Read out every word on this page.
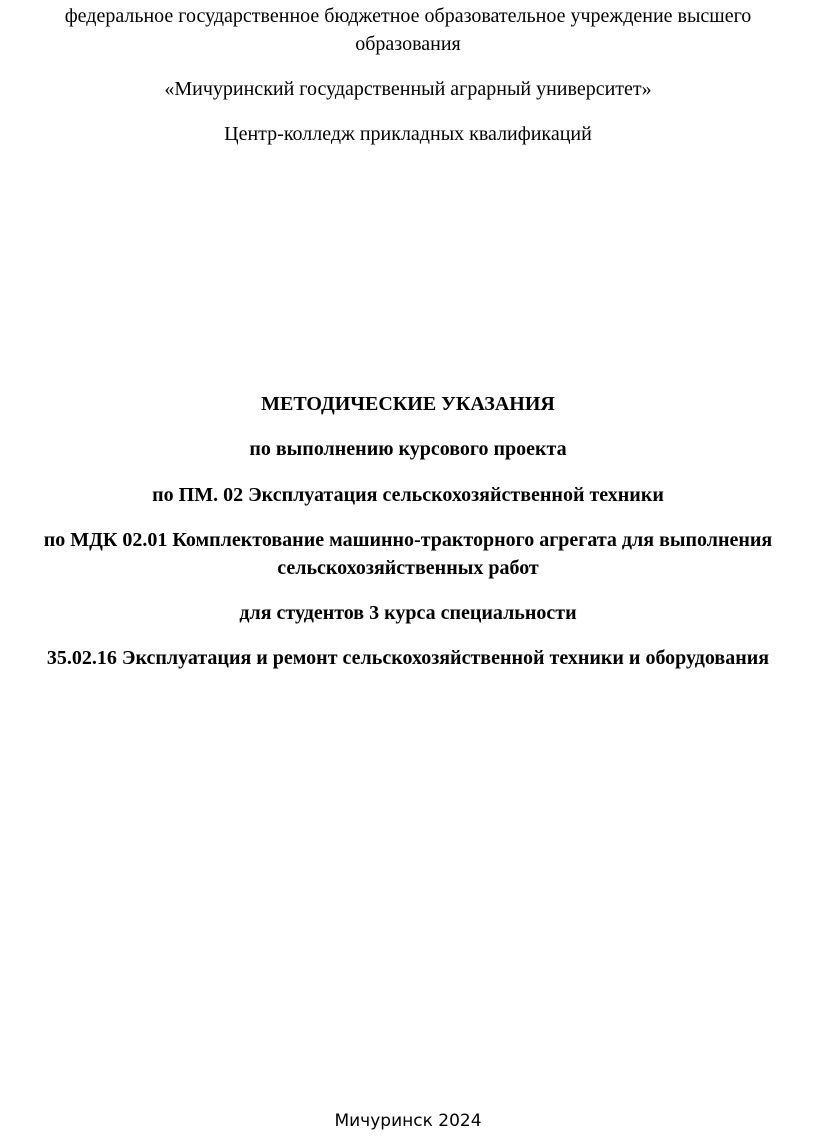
федеральное государственное бюджетное образовательное учреждение высшего
образования
«Мичуринский государственный аграрный университет»
Центр-колледж прикладных квалификаций
МЕТОДИЧЕСКИЕ УКАЗАНИЯ
по выполнению курсового проекта
по ПМ. 02 Эксплуатация сельскохозяйственной техники
по МДК 02.01 Комплектование машинно-тракторного агрегата для выполнения
сельскохозяйственных работ
для студентов 3 курса специальности
35.02.16 Эксплуатация и ремонт сельскохозяйственной техники и оборудования
Мичуринск 2024
